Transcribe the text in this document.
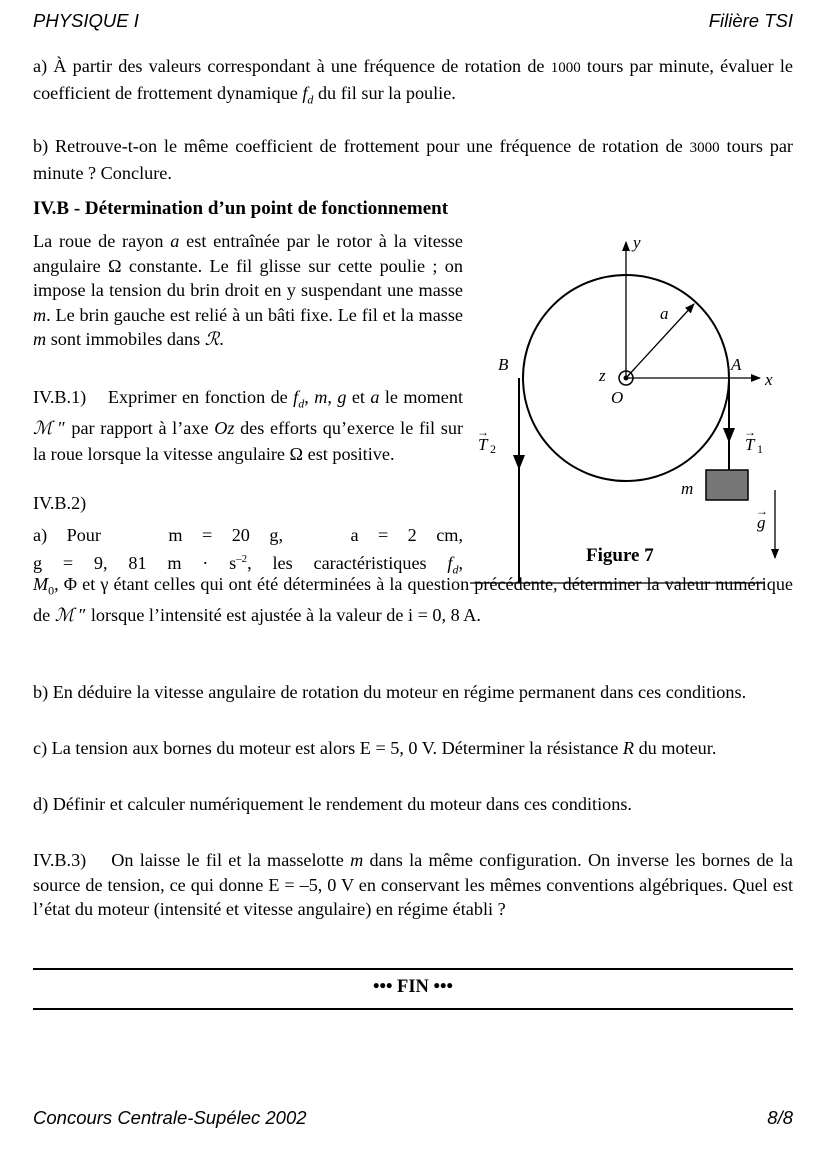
PHYSIQUE I	Filière TSI

a) À partir des valeurs correspondant à une fréquence de rotation de 1000 tours par minute, évaluer le coefficient de frottement dynamique $f_d$ du fil sur la poulie.

b) Retrouve-t-on le même coefficient de frottement pour une fréquence de rotation de 3000 tours par minute ? Conclure.

IV.B - Détermination d’un point de fonctionnement

La roue de rayon a est entraînée par le rotor à la vitesse angulaire Ω constante. Le fil glisse sur cette poulie ; on impose la tension du brin droit en y suspendant une masse m. Le brin gauche est relié à un bâti fixe. Le fil et la masse m sont immobiles dans ℛ.

IV.B.1) Exprimer en fonction de $f_d$, m, g et a le moment ℳ ″ par rapport à l’axe Oz des efforts qu’exerce le fil sur la roue lorsque la vitesse angulaire Ω est positive.

IV.B.2)

a) Pour	m = 20 g,	a = 2 cm,

g = 9, 81 $m \cdot s^{-2}$, les caractéristiques $f_d$,

$M_0$, Φ et γ étant celles qui ont été déterminées à la question précédente, déterminer la valeur numérique de ℳ ″ lorsque l’intensité est ajustée à la valeur de i = 0, 8 A.

b) En déduire la vitesse angulaire de rotation du moteur en régime permanent dans ces conditions.

c) La tension aux bornes du moteur est alors E = 5, 0 V. Déterminer la résistance R du moteur.

d) Définir et calculer numériquement le rendement du moteur dans ces conditions.

IV.B.3) On laisse le fil et la masselotte m dans la même configuration. On inverse les bornes de la source de tension, ce qui donne E = –5, 0 V en conservant les mêmes conventions algébriques. Quel est l’état du moteur (intensité et vitesse angulaire) en régime établi ?

••• FIN •••
y
x
a
z
O
A
B
T 1
→
T 2
→
m
g
→
Figure 7
Concours Centrale-Supélec 2002	8/8
